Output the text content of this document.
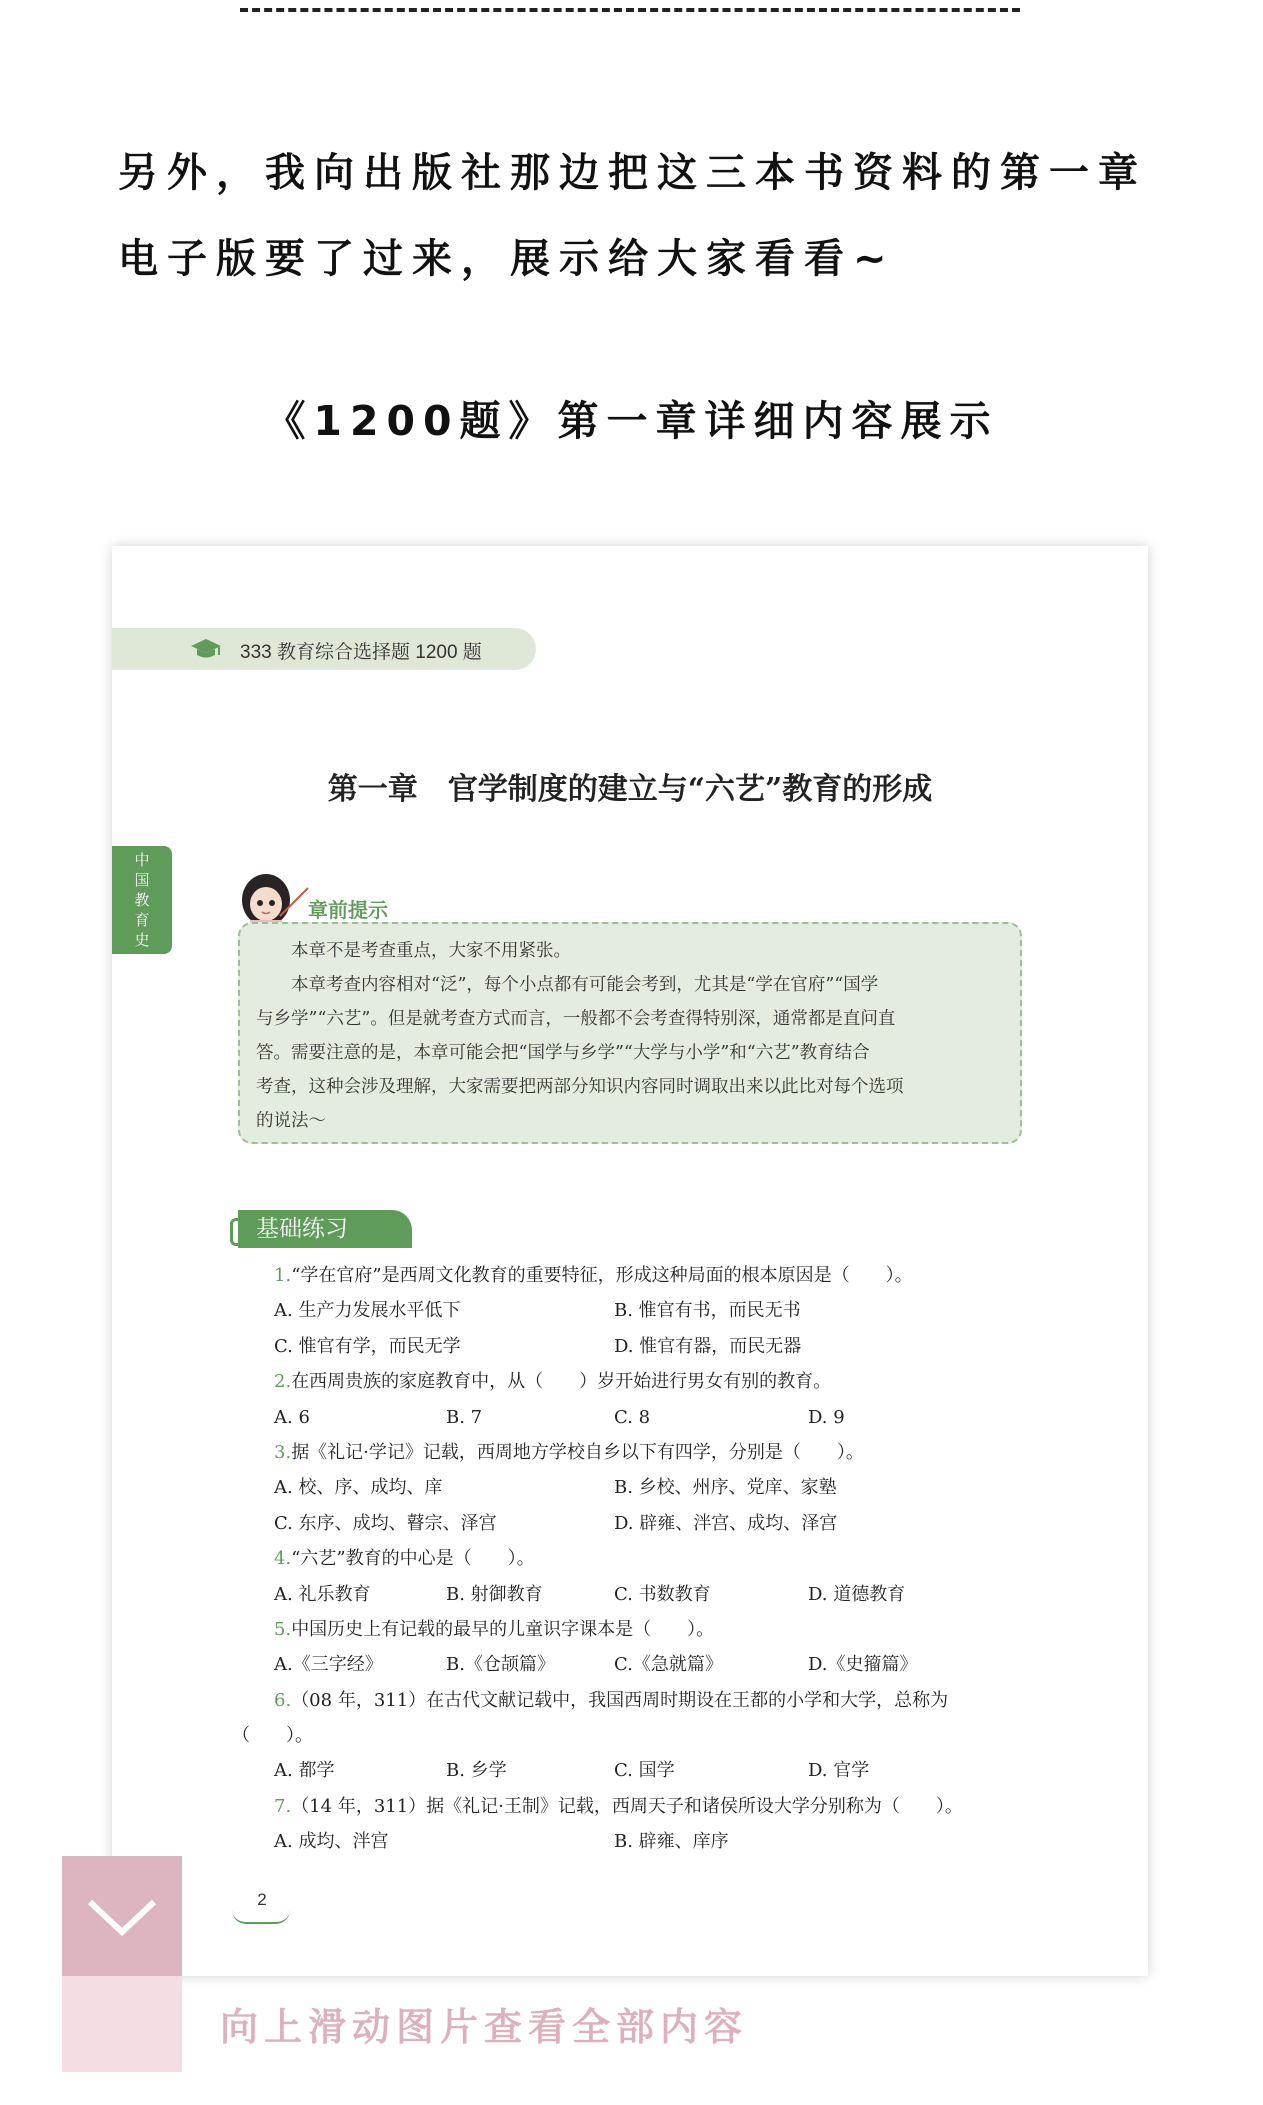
另外，我向出版社那边把这三本书资料的第一章
电子版要了过来，展示给大家看看~
《1200题》第一章详细内容展示
333 教育综合选择题 1200 题
中
国
教
育
史
第一章　官学制度的建立与“六艺”教育的形成
章前提示

本章不是考查重点，大家不用紧张。

本章考查内容相对“泛”，每个小点都有可能会考到，尤其是“学在官府”“国学

与乡学”“六艺”。但是就考查方式而言，一般都不会考查得特别深，通常都是直问直

答。需要注意的是，本章可能会把“国学与乡学”“大学与小学”和“六艺”教育结合

考查，这种会涉及理解，大家需要把两部分知识内容同时调取出来以此比对每个选项

的说法～

基础练习
1.“学在官府”是西周文化教育的重要特征，形成这种局面的根本原因是（　　）。
A. 生产力发展水平低下	B. 惟官有书，而民无书
C. 惟官有学，而民无学	D. 惟官有器，而民无器
2.在西周贵族的家庭教育中，从（　　）岁开始进行男女有别的教育。
A. 6	B. 7	C. 8	D. 9
3.据《礼记·学记》记载，西周地方学校自乡以下有四学，分别是（　　）。
A. 校、序、成均、庠	B. 乡校、州序、党庠、家塾
C. 东序、成均、瞽宗、泽宫	D. 辟雍、泮宫、成均、泽宫
4.“六艺”教育的中心是（　　）。
A. 礼乐教育	B. 射御教育	C. 书数教育	D. 道德教育
5.中国历史上有记载的最早的儿童识字课本是（　　）。
A.《三字经》	B.《仓颉篇》	C.《急就篇》	D.《史籀篇》
6.（08 年，311）在古代文献记载中，我国西周时期设在王都的小学和大学，总称为
（　　）。
A. 都学	B. 乡学	C. 国学	D. 官学
7.（14 年，311）据《礼记·王制》记载，西周天子和诸侯所设大学分别称为（　　）。
A. 成均、泮宫	B. 辟雍、庠序
2
向上滑动图片查看全部内容
